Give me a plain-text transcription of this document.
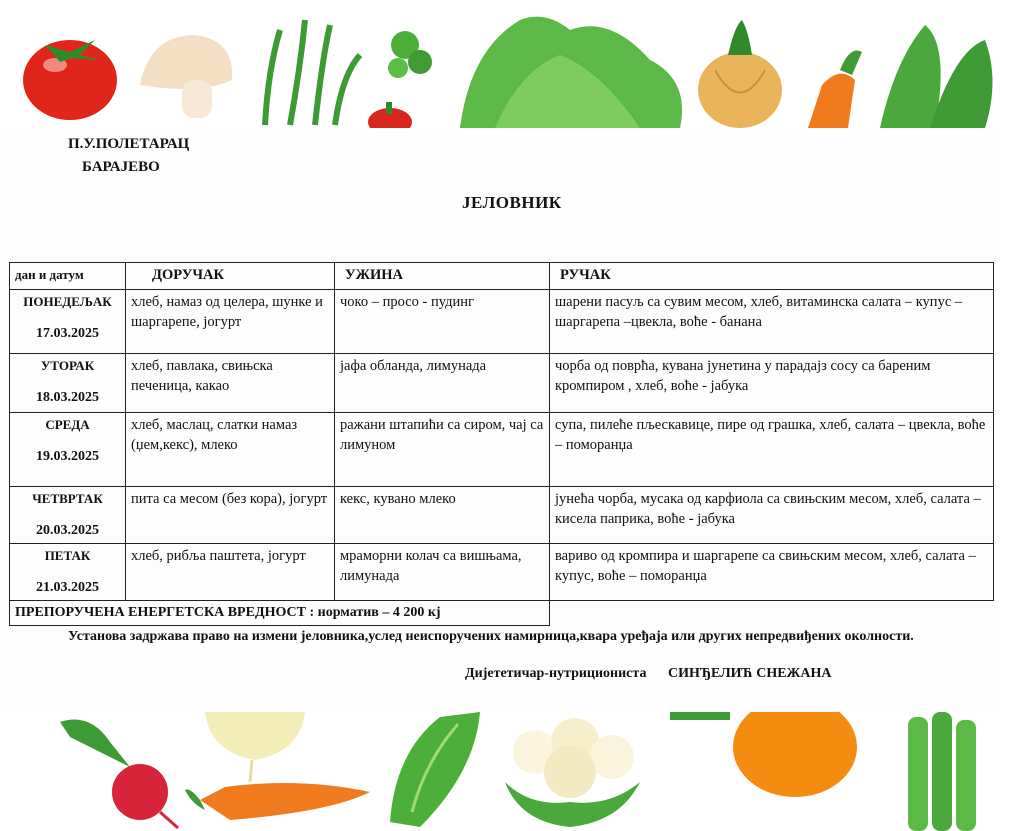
П.У.ПОЛЕТАРАЦ
БАРАЈЕВО
ЈЕЛОВНИК
дан и датум	ДОРУЧАК	УЖИНА	РУЧАК

ПОНЕДЕЉАК
17.03.2025	хлеб, намаз од целера, шунке и шаргарепе, јогурт	чоко – просо - пудинг	шарени пасуљ са сувим месом, хлеб, витаминска салата – купус –шаргарепа –цвекла, воће - банана

УТОРАК
18.03.2025	хлеб, павлака, свињска печеница, какао	јафа обланда, лимунада	чорба од поврћа, кувана јунетина у парадајз сосу са бареним кромпиром , хлеб, воће - јабука

СРЕДА
19.03.2025	хлеб, маслац, слатки намаз (џем,кекс), млеко	ражани штапићи са сиром, чај са лимуном	супа, пилеће пљескавице, пире од грашка, хлеб, салата – цвекла, воће – поморанџа

ЧЕТВРТАК
20.03.2025	пита са месом (без кора), јогурт	кекс, кувано млеко	јунећа чорба, мусака од карфиола са свињским месом, хлеб, салата – кисела паприка, воће - јабука

ПЕТАК
21.03.2025	хлеб, рибља паштета, јогурт	мраморни колач са вишњама, лимунада	вариво од кромпира и шаргарепе са свињским месом, хлеб, салата – купус, воће – поморанџа
ПРЕПОРУЧЕНА ЕНЕРГЕТСКА ВРЕДНОСТ : норматив – 4 200 кј			
Установа задржава право на измени јеловника,услед неиспоручених намирница,квара уређаја или других непредвиђених околности.
Дијететичар-нутрициониста СИНЂЕЛИЋ СНЕЖАНА
